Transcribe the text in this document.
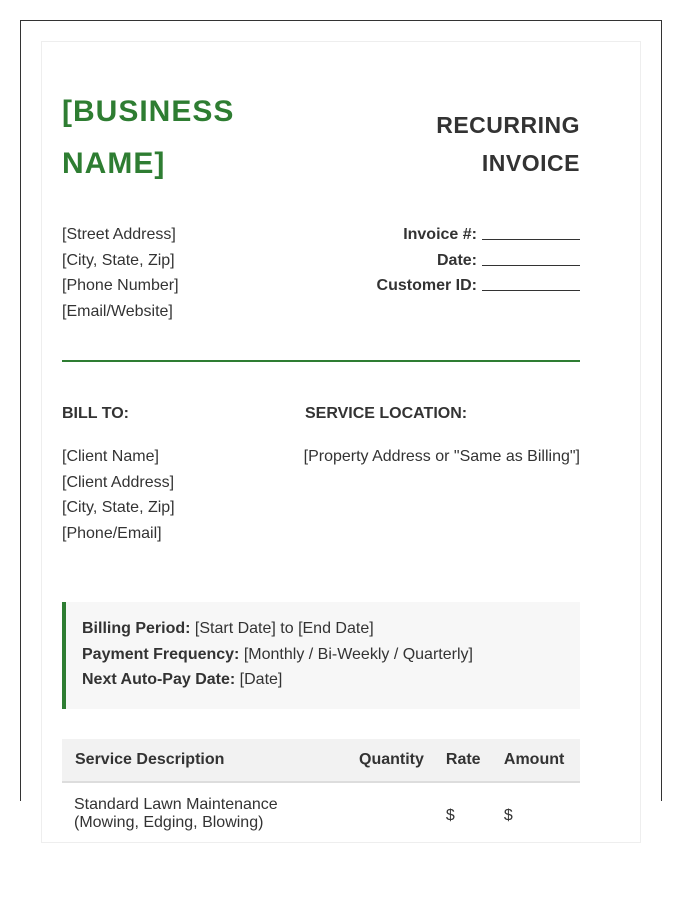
[BUSINESS
NAME]
RECURRING
INVOICE
[Street Address]
[City, State, Zip]
[Phone Number]
[Email/Website]
Invoice #:
Date:
Customer ID:
BILL TO:	SERVICE LOCATION:
[Client Name]
[Client Address]
[City, State, Zip]
[Phone/Email]
[Property Address or "Same as Billing"]
Billing Period: [Start Date] to [End Date]
Payment Frequency: [Monthly / Bi-Weekly / Quarterly]
Next Auto-Pay Date: [Date]
Service Description	Quantity	Rate	Amount

Standard Lawn Maintenance
(Mowing, Edging, Blowing)		$	$
